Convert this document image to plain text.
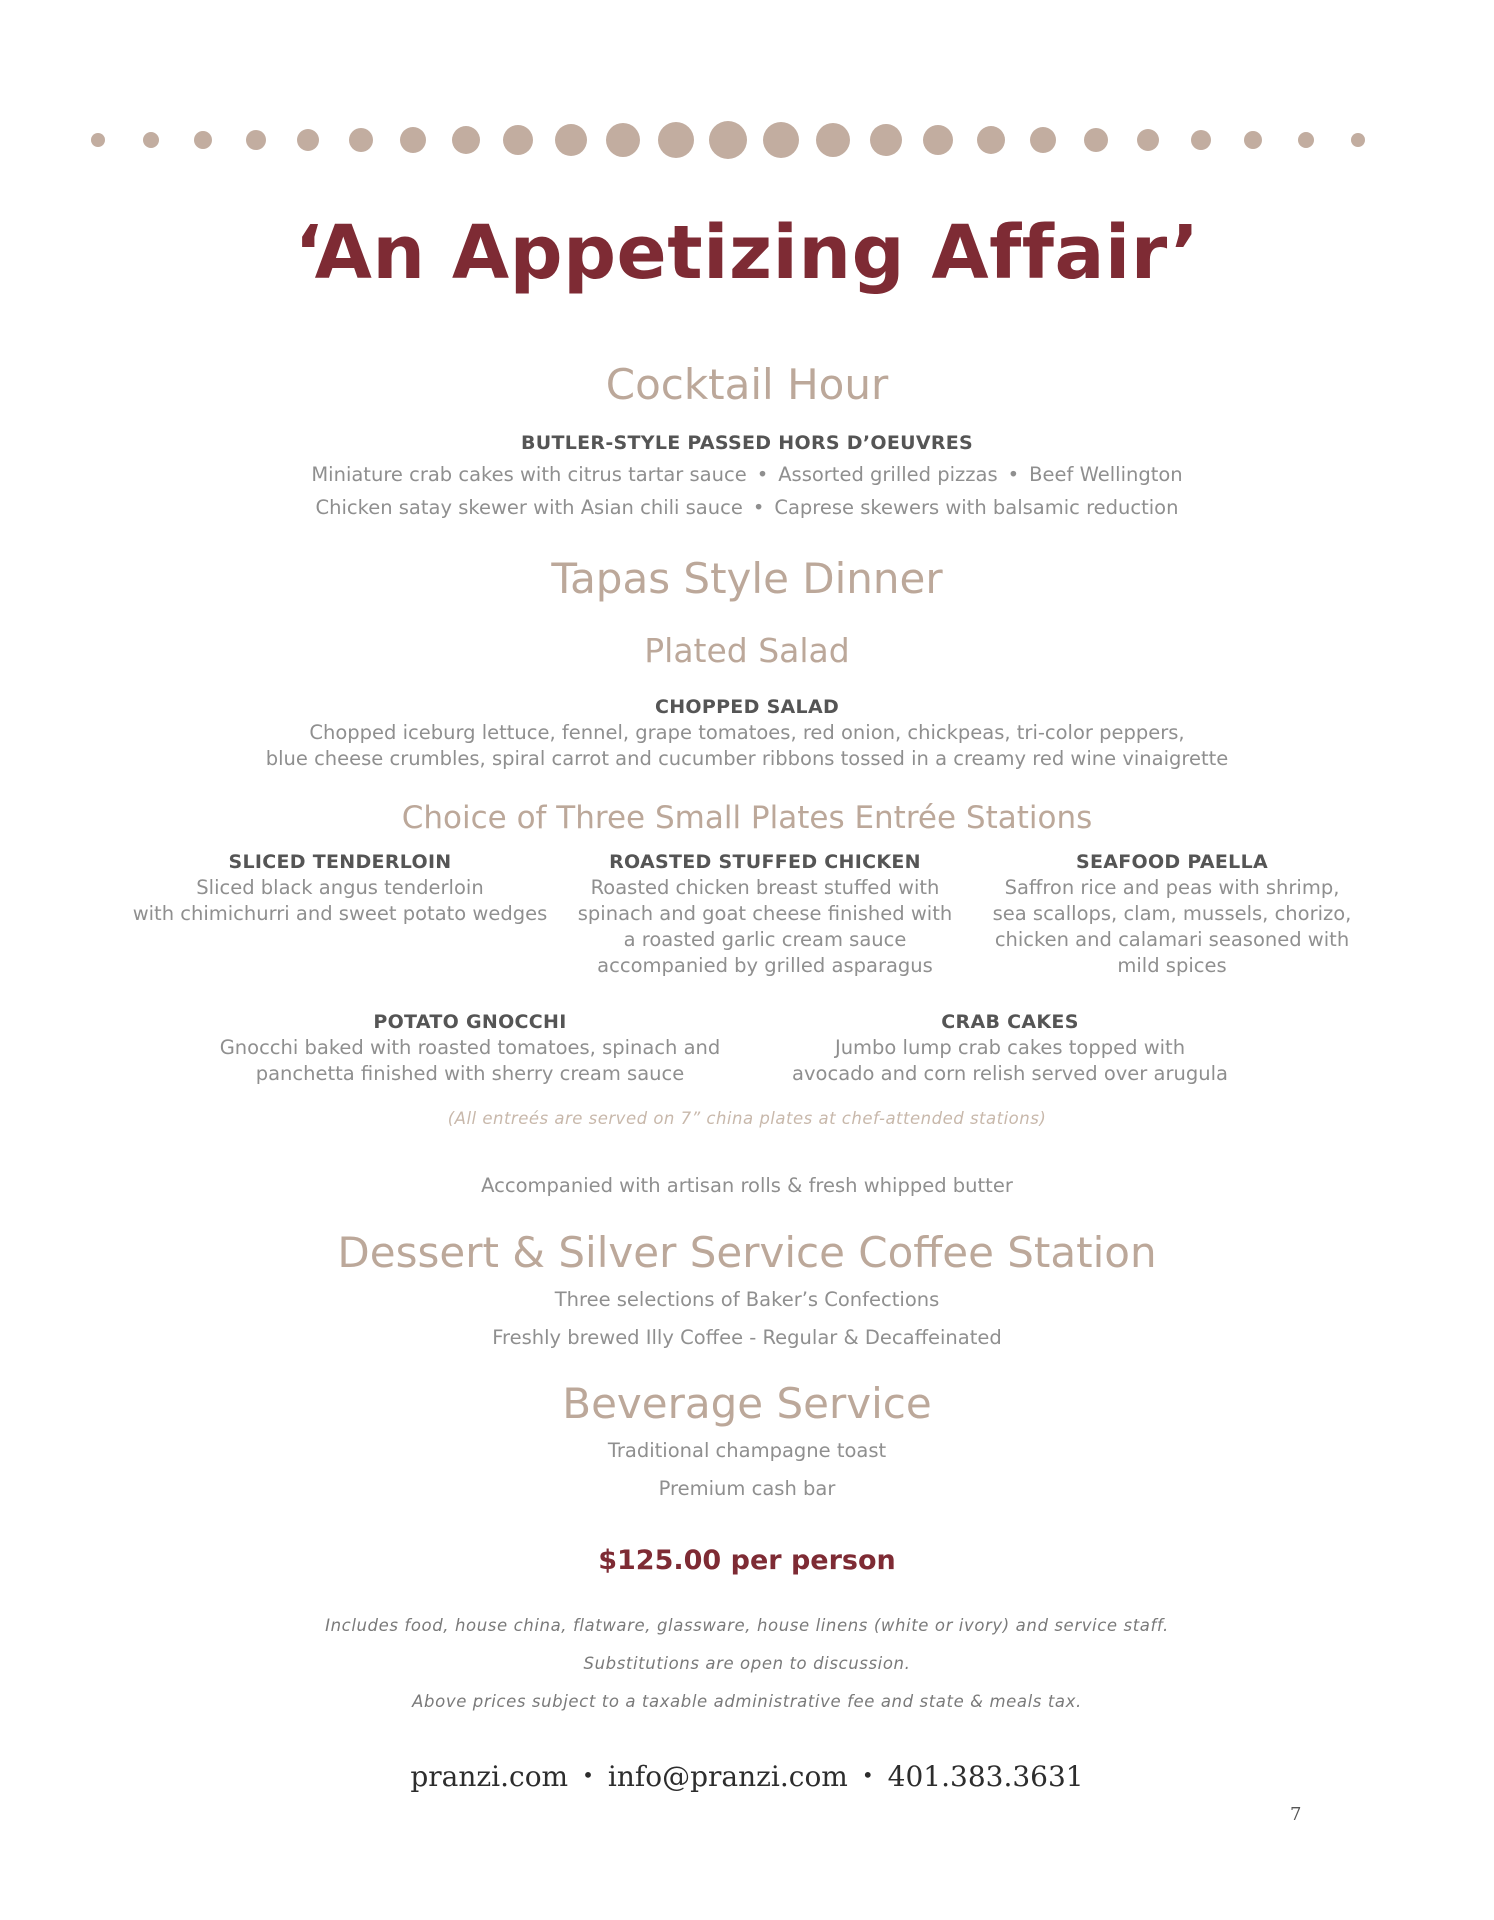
‘An Appetizing Affair’
Cocktail Hour
BUTLER-STYLE PASSED HORS D’OEUVRES
Miniature crab cakes with citrus tartar sauce • Assorted grilled pizzas • Beef Wellington
Chicken satay skewer with Asian chili sauce • Caprese skewers with balsamic reduction
Tapas Style Dinner
Plated Salad
CHOPPED SALAD
Chopped iceburg lettuce, fennel, grape tomatoes, red onion, chickpeas, tri-color peppers,
blue cheese crumbles, spiral carrot and cucumber ribbons tossed in a creamy red wine vinaigrette
Choice of Three Small Plates Entrée Stations
SLICED TENDERLOIN
Sliced black angus tenderloin
with chimichurri and sweet potato wedges
ROASTED STUFFED CHICKEN
Roasted chicken breast stuffed with
spinach and goat cheese finished with
a roasted garlic cream sauce
accompanied by grilled asparagus
SEAFOOD PAELLA
Saffron rice and peas with shrimp,
sea scallops, clam, mussels, chorizo,
chicken and calamari seasoned with
mild spices
POTATO GNOCCHI
Gnocchi baked with roasted tomatoes, spinach and
panchetta finished with sherry cream sauce
CRAB CAKES
Jumbo lump crab cakes topped with
avocado and corn relish served over arugula
(All entreés are served on 7” china plates at chef-attended stations)
Accompanied with artisan rolls & fresh whipped butter
Dessert & Silver Service Coffee Station
Three selections of Baker’s Confections
Freshly brewed Illy Coffee - Regular & Decaffeinated
Beverage Service
Traditional champagne toast
Premium cash bar
$125.00 per person
Includes food, house china, flatware, glassware, house linens (white or ivory) and service staff.
Substitutions are open to discussion.
Above prices subject to a taxable administrative fee and state & meals tax.
pranzi.com • info@pranzi.com • 401.383.3631
7
